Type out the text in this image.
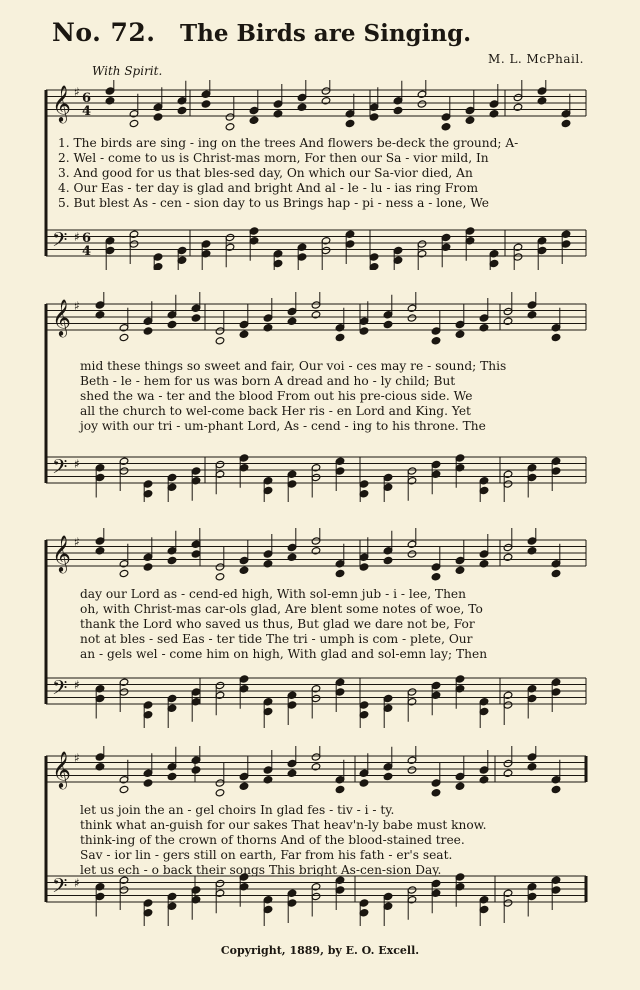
No. 72. The Birds are Singing.
M. L. McPhail.
With Spirit.
𝄞 ♯ 6
4
𝄢 ♯ 6
4
𝄞 ♯
𝄢 ♯
𝄞 ♯
𝄢 ♯
𝄞 ♯
𝄢 ♯
1. The birds are sing - ing on the trees And flowers be-deck the ground; A-
2. Wel - come to us is Christ-mas morn, For then our Sa - vior mild, In
3. And good for us that bles-sed day, On which our Sa-vior died, An
4. Our Eas - ter day is glad and bright And al - le - lu - ias ring From
5. But blest As - cen - sion day to us Brings hap - pi - ness a - lone, We
mid these things so sweet and fair, Our voi - ces may re - sound; This
Beth - le - hem for us was born A dread and ho - ly child; But
shed the wa - ter and the blood From out his pre-cious side. We
all the church to wel-come back Her ris - en Lord and King. Yet
joy with our tri - um-phant Lord, As - cend - ing to his throne. The
day our Lord as - cend-ed high, With sol-emn jub - i - lee, Then
oh, with Christ-mas car-ols glad, Are blent some notes of woe, To
thank the Lord who saved us thus, But glad we dare not be, For
not at bles - sed Eas - ter tide The tri - umph is com - plete, Our
an - gels wel - come him on high, With glad and sol-emn lay; Then
let us join the an - gel choirs In glad fes - tiv - i - ty.
think what an-guish for our sakes That heav'n-ly babe must know.
think-ing of the crown of thorns And of the blood-stained tree.
Sav - ior lin - gers still on earth, Far from his fath - er's seat.
let us ech - o back their songs This bright As-cen-sion Day.
Copyright, 1889, by E. O. Excell.
